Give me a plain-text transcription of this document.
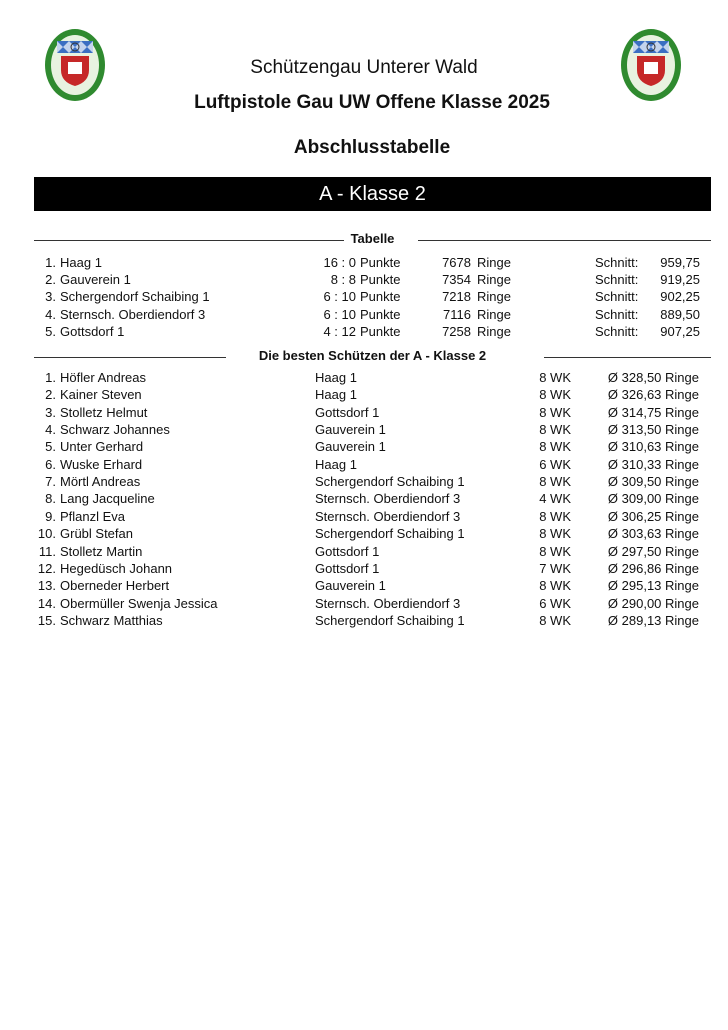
Schützengau Unterer Wald
Luftpistole Gau UW Offene Klasse 2025
Abschlusstabelle
A - Klasse 2
Tabelle
1. Haag 1	16 : 0 Punkte	7678 Ringe	Schnitt:	959,75
2. Gauverein 1	8 : 8 Punkte	7354 Ringe	Schnitt:	919,25
3. Schergendorf Schaibing 1	6 : 10 Punkte	7218 Ringe	Schnitt:	902,25
4. Sternsch. Oberdiendorf 3	6 : 10 Punkte	7116 Ringe	Schnitt:	889,50
5. Gottsdorf 1	4 : 12 Punkte	7258 Ringe	Schnitt:	907,25
Die besten Schützen der A - Klasse 2
1. Höfler Andreas	Haag 1	8 WK	Ø 328,50 Ringe
2. Kainer Steven	Haag 1	8 WK	Ø 326,63 Ringe
3. Stolletz Helmut	Gottsdorf 1	8 WK	Ø 314,75 Ringe
4. Schwarz Johannes	Gauverein 1	8 WK	Ø 313,50 Ringe
5. Unter Gerhard	Gauverein 1	8 WK	Ø 310,63 Ringe
6. Wuske Erhard	Haag 1	6 WK	Ø 310,33 Ringe
7. Mörtl Andreas	Schergendorf Schaibing 1	8 WK	Ø 309,50 Ringe
8. Lang Jacqueline	Sternsch. Oberdiendorf 3	4 WK	Ø 309,00 Ringe
9. Pflanzl Eva	Sternsch. Oberdiendorf 3	8 WK	Ø 306,25 Ringe
10. Grübl Stefan	Schergendorf Schaibing 1	8 WK	Ø 303,63 Ringe
11. Stolletz Martin	Gottsdorf 1	8 WK	Ø 297,50 Ringe
12. Hegedüsch Johann	Gottsdorf 1	7 WK	Ø 296,86 Ringe
13. Oberneder Herbert	Gauverein 1	8 WK	Ø 295,13 Ringe
14. Obermüller Swenja Jessica	Sternsch. Oberdiendorf 3	6 WK	Ø 290,00 Ringe
15. Schwarz Matthias	Schergendorf Schaibing 1	8 WK	Ø 289,13 Ringe
